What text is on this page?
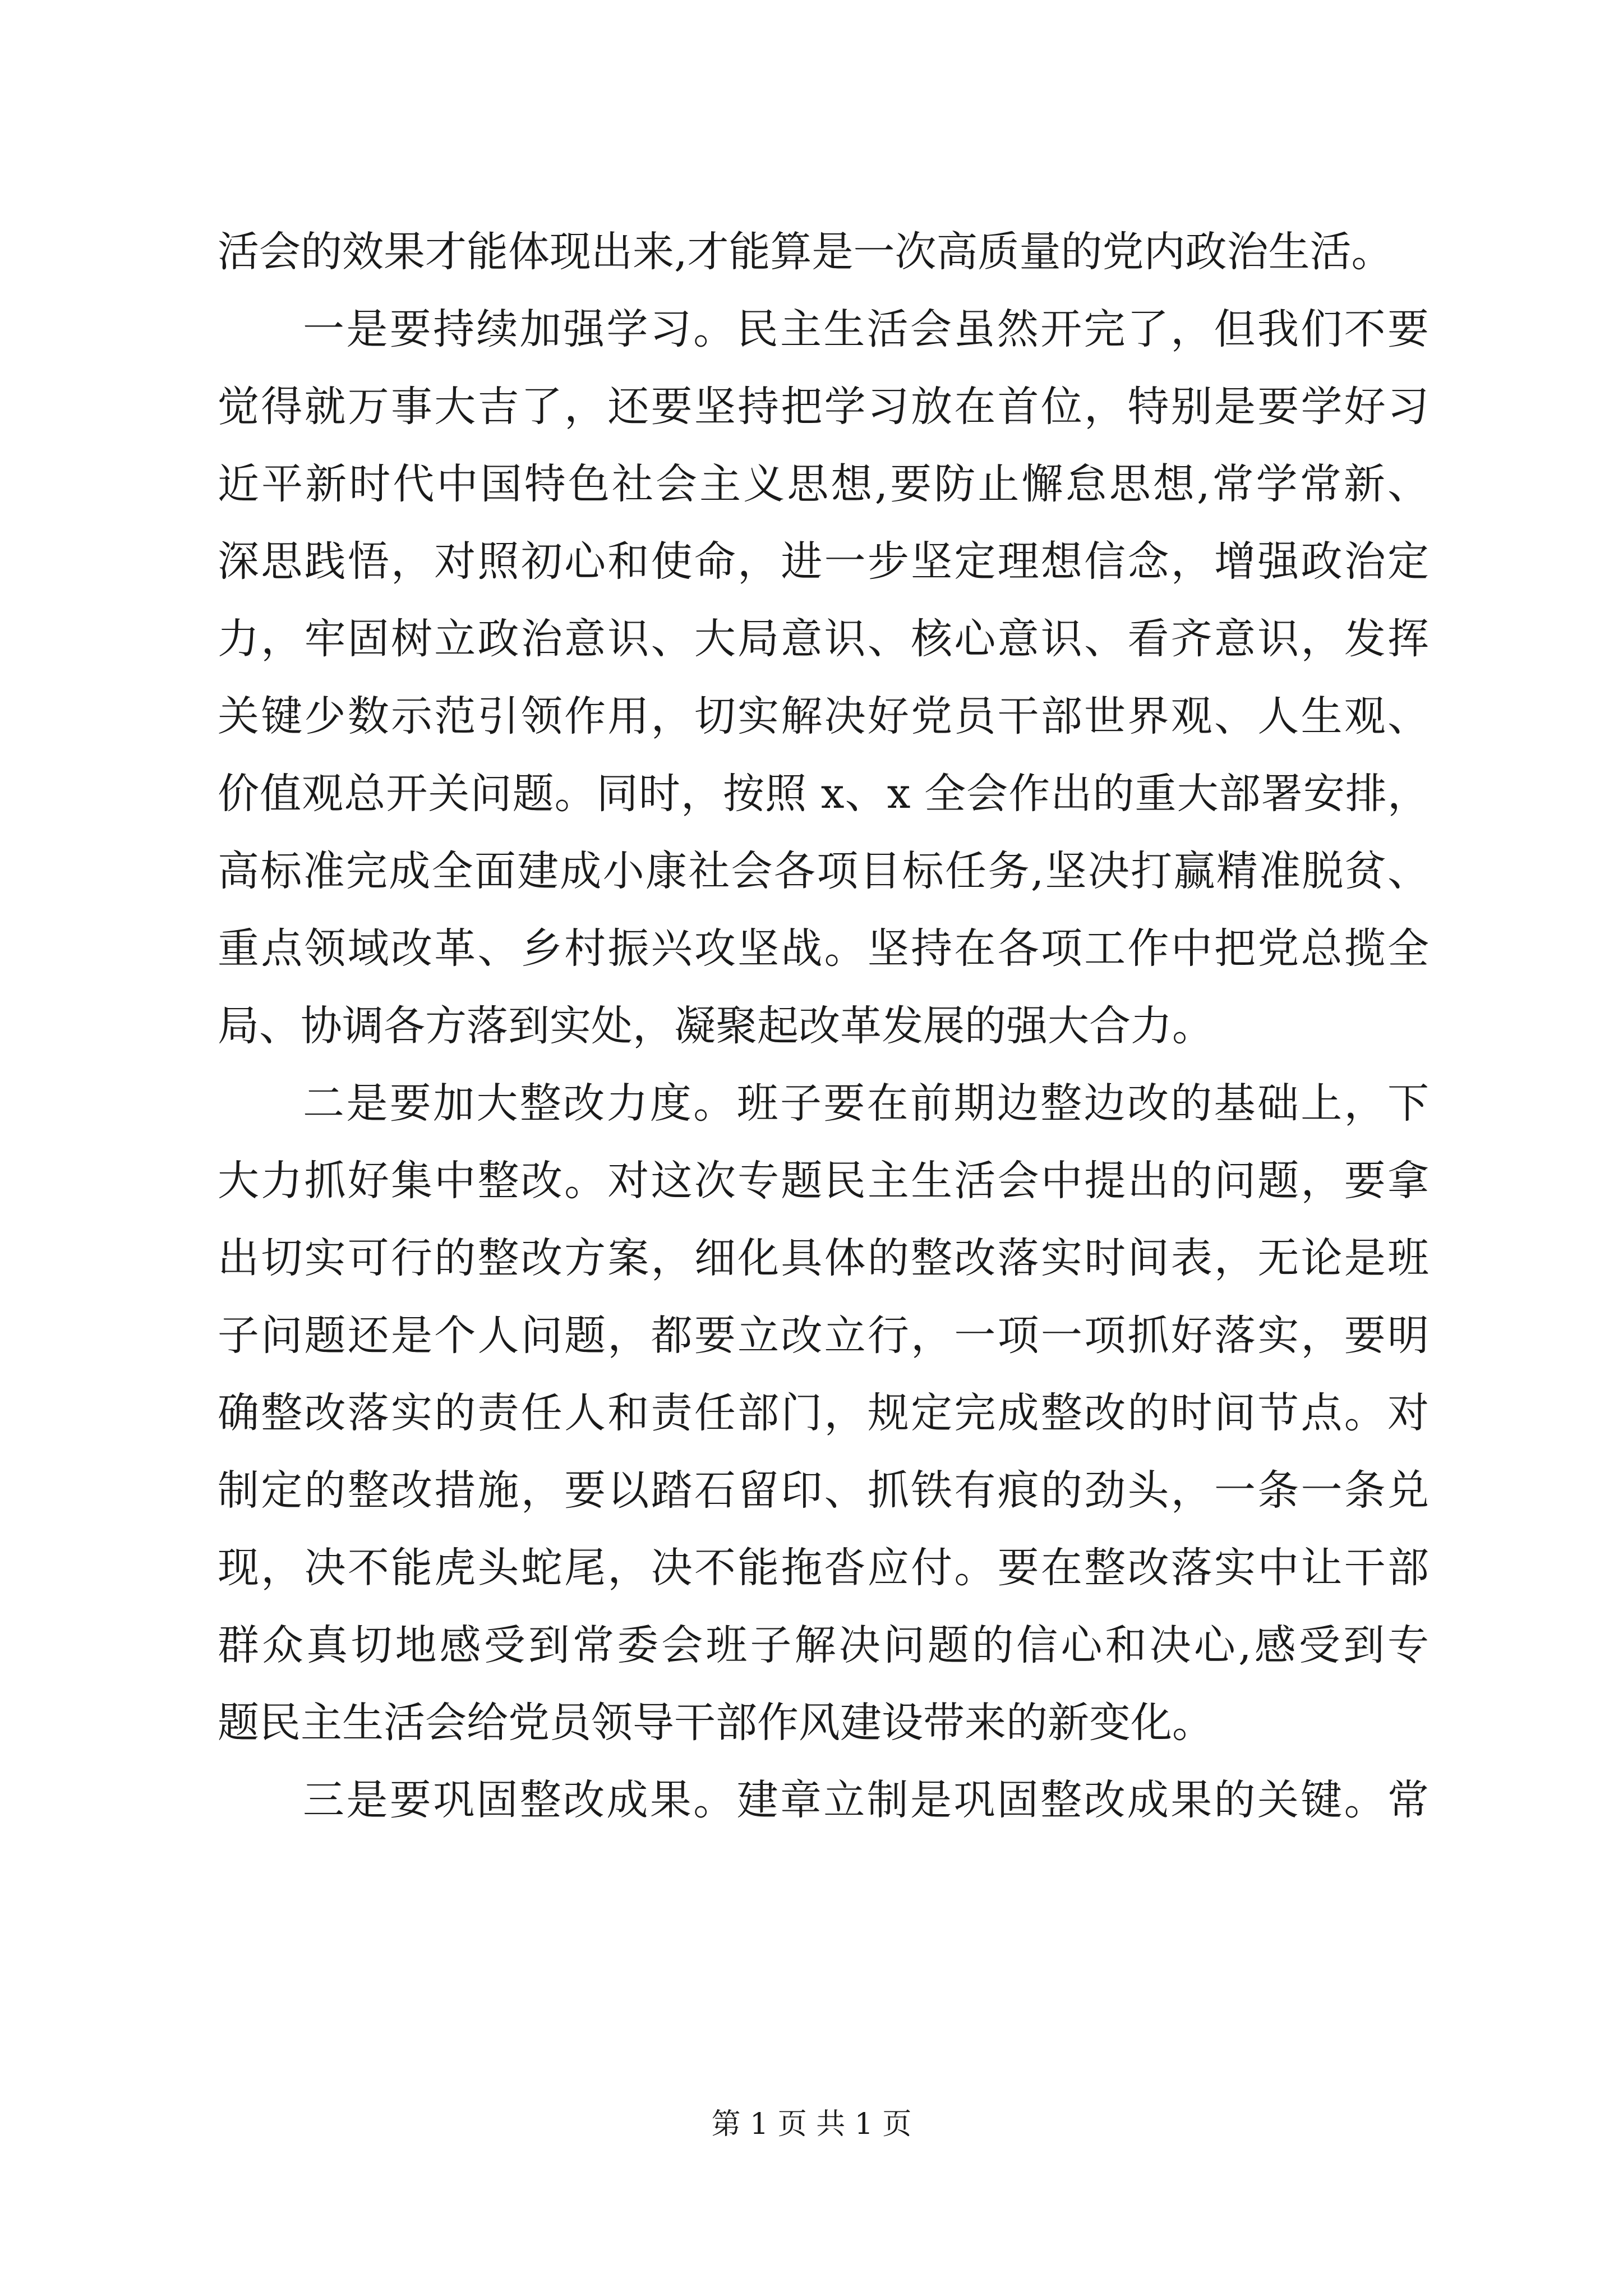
活会的效果才能体现出来,才能算是一次高质量的党内政治生活。
一是要持续加强学习。民主生活会虽然开完了，但我们不要
觉得就万事大吉了，还要坚持把学习放在首位，特别是要学好习
近平新时代中国特色社会主义思想,要防止懈怠思想,常学常新、
深思践悟，对照初心和使命，进一步坚定理想信念，增强政治定
力，牢固树立政治意识、大局意识、核心意识、看齐意识，发挥
关键少数示范引领作用，切实解决好党员干部世界观、人生观、
价值观总开关问题。同时，按照 x、x 全会作出的重大部署安排，
高标准完成全面建成小康社会各项目标任务,坚决打赢精准脱贫、
重点领域改革、乡村振兴攻坚战。坚持在各项工作中把党总揽全
局、协调各方落到实处，凝聚起改革发展的强大合力。
二是要加大整改力度。班子要在前期边整边改的基础上，下
大力抓好集中整改。对这次专题民主生活会中提出的问题，要拿
出切实可行的整改方案，细化具体的整改落实时间表，无论是班
子问题还是个人问题，都要立改立行，一项一项抓好落实，要明
确整改落实的责任人和责任部门，规定完成整改的时间节点。对
制定的整改措施，要以踏石留印、抓铁有痕的劲头，一条一条兑
现，决不能虎头蛇尾，决不能拖沓应付。要在整改落实中让干部
群众真切地感受到常委会班子解决问题的信心和决心,感受到专
题民主生活会给党员领导干部作风建设带来的新变化。
三是要巩固整改成果。建章立制是巩固整改成果的关键。常
第 1 页 共 1 页
